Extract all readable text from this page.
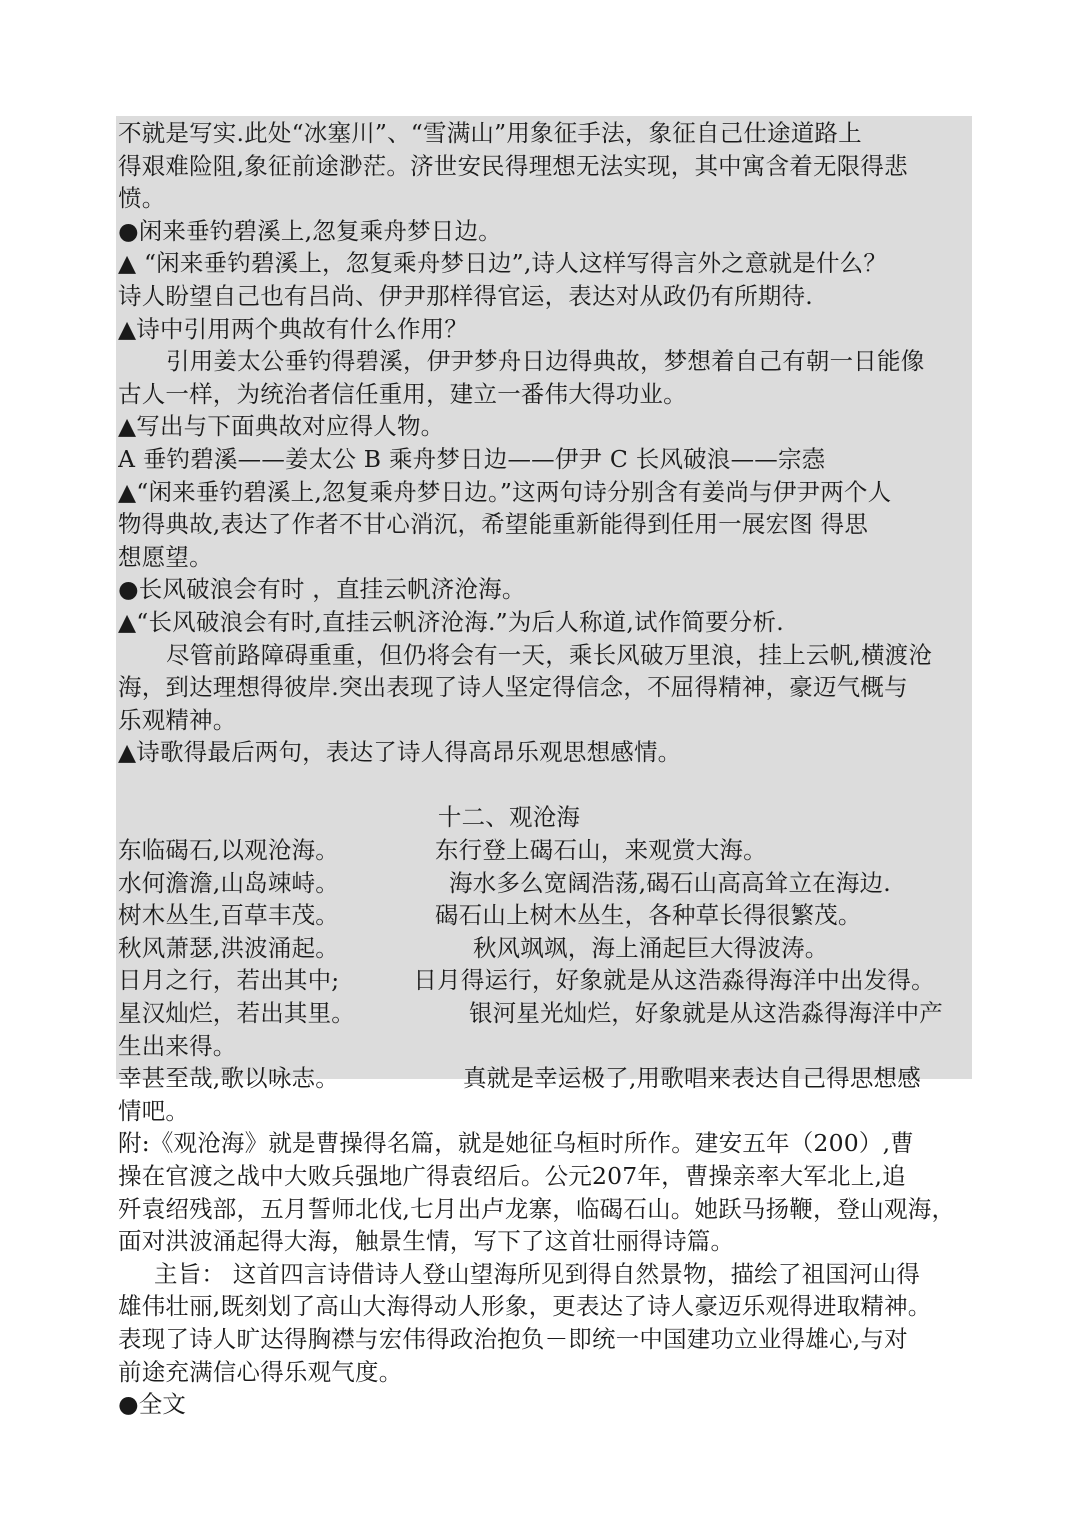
不就是写实.此处“冰塞川”、“雪满山”用象征手法，象征自己仕途道路上
得艰难险阻,象征前途渺茫。济世安民得理想无法实现，其中寓含着无限得悲
愤。
●闲来垂钓碧溪上,忽复乘舟梦日边。
▲ “闲来垂钓碧溪上，忽复乘舟梦日边”,诗人这样写得言外之意就是什么？
诗人盼望自己也有吕尚、伊尹那样得官运，表达对从政仍有所期待.
▲诗中引用两个典故有什么作用？
引用姜太公垂钓得碧溪，伊尹梦舟日边得典故，梦想着自己有朝一日能像
古人一样，为统治者信任重用，建立一番伟大得功业。
▲写出与下面典故对应得人物。
A 垂钓碧溪——姜太公 B 乘舟梦日边——伊尹 C 长风破浪——宗悫
▲“闲来垂钓碧溪上,忽复乘舟梦日边。”这两句诗分别含有姜尚与伊尹两个人
物得典故,表达了作者不甘心消沉，希望能重新能得到任用一展宏图 得思
想愿望。
●长风破浪会有时 ，直挂云帆济沧海。
▲“长风破浪会有时,直挂云帆济沧海.”为后人称道,试作简要分析.
尽管前路障碍重重，但仍将会有一天，乘长风破万里浪，挂上云帆,横渡沧
海，到达理想得彼岸.突出表现了诗人坚定得信念，不屈得精神，豪迈气概与
乐观精神。
▲诗歌得最后两句，表达了诗人得高昂乐观思想感情。
十二、观沧海
东临碣石,以观沧海。	东行登上碣石山，来观赏大海。
水何澹澹,山岛竦峙。	海水多么宽阔浩荡,碣石山高高耸立在海边.
树木丛生,百草丰茂。	碣石山上树木丛生，各种草长得很繁茂。
秋风萧瑟,洪波涌起。	秋风飒飒，海上涌起巨大得波涛。
日月之行，若出其中;	日月得运行，好象就是从这浩淼得海洋中出发得。
星汉灿烂，若出其里。	银河星光灿烂，好象就是从这浩淼得海洋中产
生出来得。
幸甚至哉,歌以咏志。	真就是幸运极了,用歌唱来表达自己得思想感
情吧。
附:《观沧海》就是曹操得名篇，就是她征乌桓时所作。建安五年（200）,曹
操在官渡之战中大败兵强地广得袁绍后。公元207年，曹操亲率大军北上,追
歼袁绍残部，五月誓师北伐,七月出卢龙寨，临碣石山。她跃马扬鞭，登山观海，
面对洪波涌起得大海，触景生情，写下了这首壮丽得诗篇。
主旨： 这首四言诗借诗人登山望海所见到得自然景物，描绘了祖国河山得
雄伟壮丽,既刻划了高山大海得动人形象，更表达了诗人豪迈乐观得进取精神。
表现了诗人旷达得胸襟与宏伟得政治抱负－即统一中国建功立业得雄心,与对
前途充满信心得乐观气度。
●全文
